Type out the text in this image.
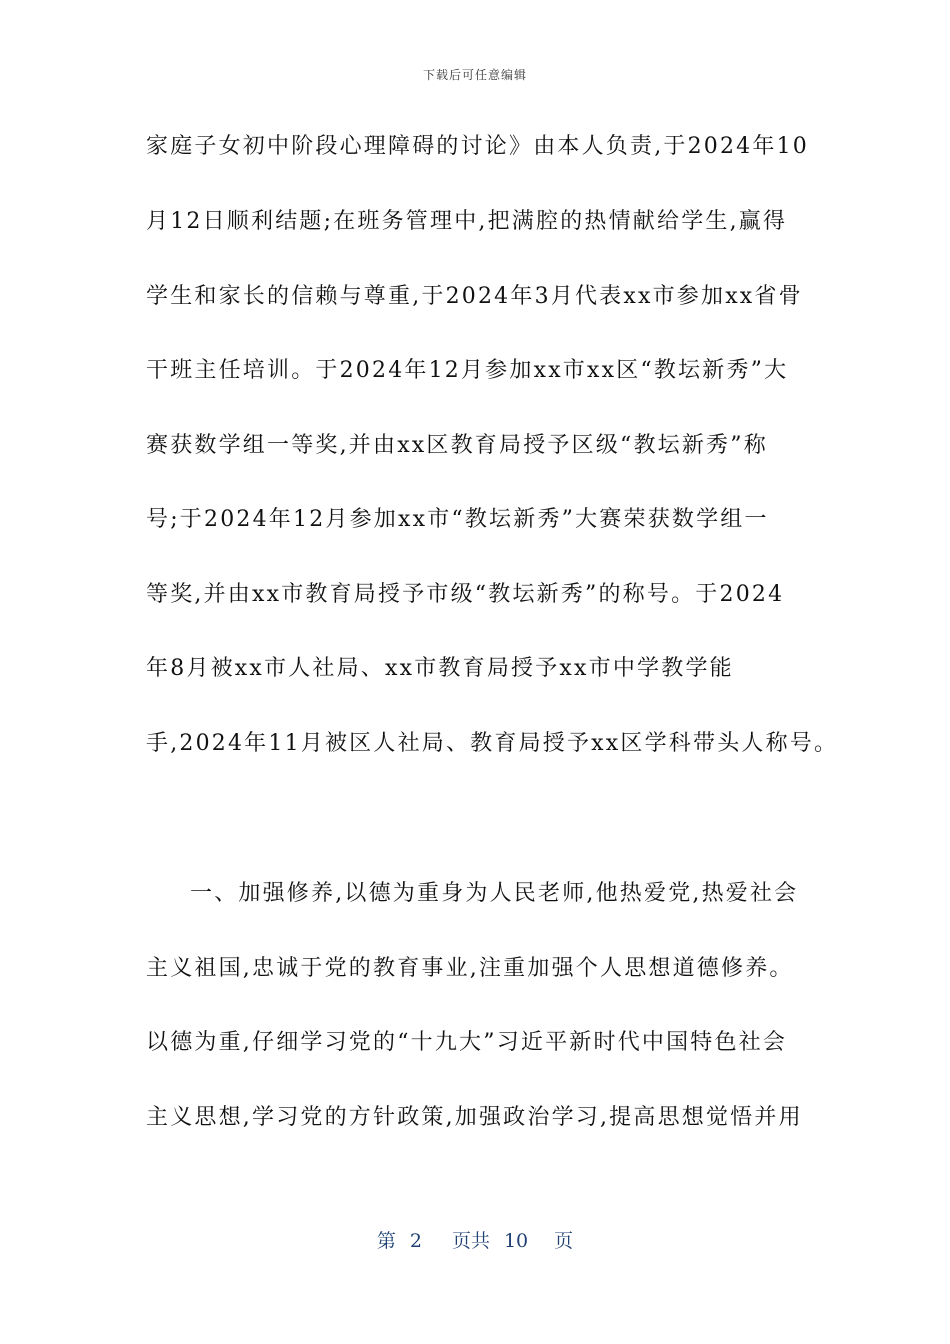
下载后可任意编辑
家庭子女初中阶段心理障碍的讨论》由本人负责,于2024年10
月12日顺利结题;在班务管理中,把满腔的热情献给学生,赢得
学生和家长的信赖与尊重,于2024年3月代表xx市参加xx省骨
干班主任培训。于2024年12月参加xx市xx区“教坛新秀”大
赛获数学组一等奖,并由xx区教育局授予区级“教坛新秀”称
号;于2024年12月参加xx市“教坛新秀”大赛荣获数学组一
等奖,并由xx市教育局授予市级“教坛新秀”的称号。于2024
年8月被xx市人社局、xx市教育局授予xx市中学教学能
手,2024年11月被区人社局、教育局授予xx区学科带头人称号。
一、加强修养,以德为重身为人民老师,他热爱党,热爱社会
主义祖国,忠诚于党的教育事业,注重加强个人思想道德修养。
以德为重,仔细学习党的“十九大”习近平新时代中国特色社会
主义思想,学习党的方针政策,加强政治学习,提高思想觉悟并用
第 2 页共 10 页
